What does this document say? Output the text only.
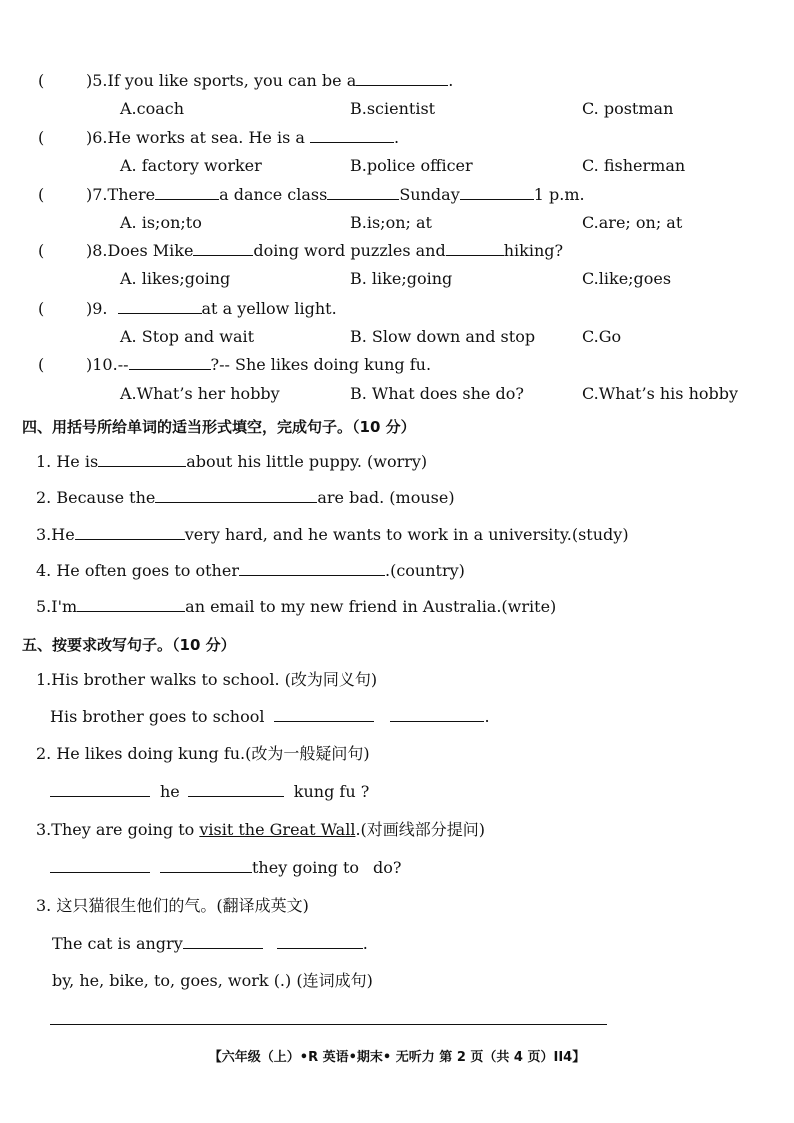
(	)5.If you like sports, you can be a	.
A.coach	B.scientist	C. postman
(	)6.He works at sea. He is a	.
A. factory worker	B.police officer	C. fisherman
(	)7.There	a dance class	Sunday	1 p.m.
A. is;on;to	B.is;on; at	C.are; on; at
(	)8.Does Mike	doing word puzzles and	hiking?
A. likes;going	B. like;going	C.like;goes
(	)9.	at a yellow light.
A. Stop and wait	B. Slow down and stop	C.Go
(	)10.--	?-- She likes doing kung fu.
A.What’s her hobby	B. What does she do?	C.What’s his hobby
四、用括号所给单词的适当形式填空，完成句子。（10 分）
1. He is	about his little puppy. (worry)
2. Because the	are bad. (mouse)
3.He	very hard, and he wants to work in a university.(study)
4. He often goes to other	.(country)
5.I'm	an email to my new friend in Australia.(write)
五、按要求改写句子。（10 分）
1.His brother walks to school. (改为同义句)
His brother goes to school	.
2. He likes doing kung fu.(改为一般疑问句)
he	kung fu ?
3.They are going to visit the Great Wall.(对画线部分提问)
they going to do?
3. 这只猫很生他们的气。(翻译成英文)
The cat is angry	.
by, he, bike, to, goes, work (.) (连词成句)
【六年级（上）•R 英语•期末• 无听力 第 2 页（共 4 页）II4】
